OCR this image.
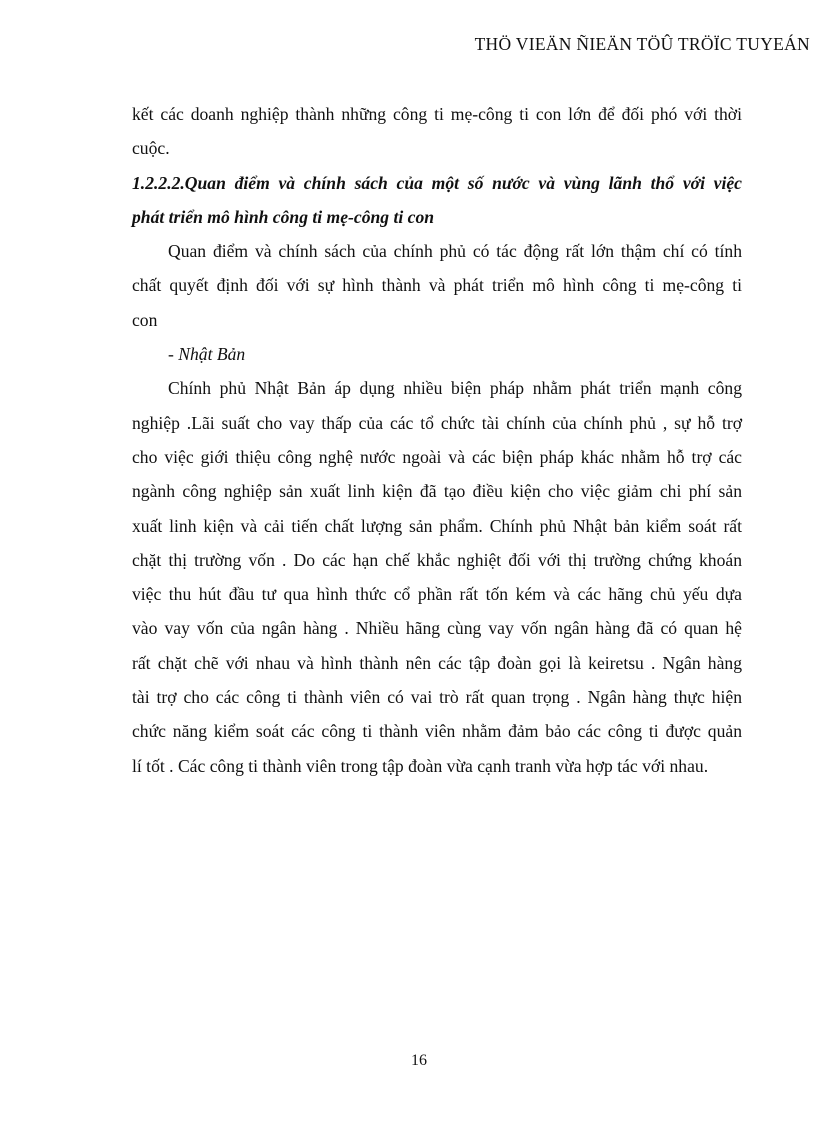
THÖ VIEÄN ÑIEÄN TÖÛ TRÖÏC TUYEÁN
kết các doanh nghiệp thành những công ti mẹ-công ti con lớn để đối phó với thời
cuộc.
1.2.2.2.Quan điểm và chính sách của một số nước và vùng lãnh thổ với việc
phát triển mô hình công ti mẹ-công ti con
Quan điểm và chính sách của chính phủ có tác động rất lớn thậm chí có tính
chất quyết định đối với sự hình thành và phát triển mô hình công ti mẹ-công ti
con
- Nhật Bản
Chính phủ Nhật Bản áp dụng nhiều biện pháp nhằm phát triển mạnh công
nghiệp .Lãi suất cho vay thấp của các tổ chức tài chính của chính phủ , sự hỗ trợ
cho việc giới thiệu công nghệ nước ngoài và các biện pháp khác nhằm hỗ trợ các
ngành công nghiệp sản xuất linh kiện đã tạo điều kiện cho việc giảm chi phí sản
xuất linh kiện và cải tiến chất lượng sản phẩm. Chính phủ Nhật bản kiểm soát rất
chặt thị trường vốn . Do các hạn chế khắc nghiệt đối với thị trường chứng khoán
việc thu hút đầu tư qua hình thức cổ phần rất tốn kém và các hãng chủ yếu dựa
vào vay vốn của ngân hàng . Nhiều hãng cùng vay vốn ngân hàng đã có quan hệ
rất chặt chẽ với nhau và hình thành nên các tập đoàn gọi là keiretsu . Ngân hàng
tài trợ cho các công ti thành viên có vai trò rất quan trọng . Ngân hàng thực hiện
chức năng kiểm soát các công ti thành viên nhằm đảm bảo các công ti được quản
lí tốt . Các công ti thành viên trong tập đoàn vừa cạnh tranh vừa hợp tác với nhau.
16
